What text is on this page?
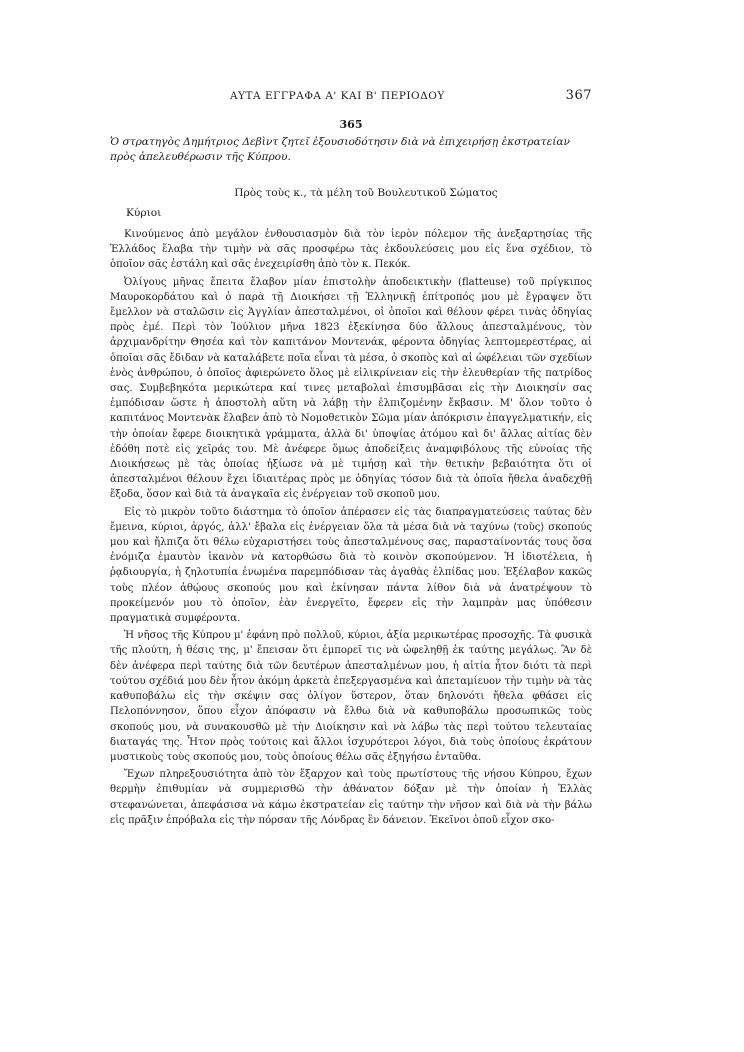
ΑΥΤΑ ΕΓΓΡΑΦΑ Α' ΚΑΙ Β' ΠΕΡΙΟΔΟΥ	367
365

Ὁ στρατηγὸς Δημήτριος Δεβὶντ ζητεῖ ἐξουσιοδότησιν διὰ νὰ ἐπιχειρήσῃ ἐκστρατείαν πρὸς ἀπελευθέρωσιν τῆς Κύπρου.

Πρὸς τοὺς κ., τὰ μέλη τοῦ Βουλευτικοῦ Σώματος
Κύριοι

Κινούμενος ἀπὸ μεγάλον ἐνθουσιασμὸν διὰ τὸν ἱερὸν πόλεμον τῆς ἀνεξαρτησίας τῆς Ἑλλάδος ἔλαβα τὴν τιμὴν νὰ σᾶς προσφέρω τὰς ἐκδουλεύσεις μου εἰς ἕνα σχέδιον, τὸ ὁποῖον σᾶς ἐστάλη καὶ σᾶς ἐνεχειρίσθη ἀπὸ τὸν κ. Πεκόκ.

Ὀλίγους μῆνας ἔπειτα ἔλαβον μίαν ἐπιστολὴν ἀποδεικτικὴν (flatteuse) τοῦ πρίγκιπος Μαυροκορδάτου καὶ ὁ παρὰ τῇ Διοικήσει τῇ Ἑλληνικῇ ἐπίτροπός μου μὲ ἔγραψεν ὅτι ἔμελλον νὰ σταλῶσιν εἰς Ἀγγλίαν ἀπεσταλμένοι, οἱ ὁποῖοι καὶ θέλουν φέρει τινὰς ὁδηγίας πρὸς ἐμέ. Περὶ τὸν Ἰούλιον μῆνα 1823 ἐξεκίνησα δύο ἄλλους ἀπεσταλμένους, τὸν ἀρχιμανδρίτην Θησέα καὶ τὸν καπιτάνον Μοντενάκ, φέροντα ὁδηγίας λεπτομερεστέρας, αἱ ὁποῖαι σᾶς ἔδιδαν νὰ καταλάβετε ποῖα εἶναι τὰ μέσα, ὁ σκοπὸς καὶ αἱ ὠφέλειαι τῶν σχεδίων ἑνὸς ἀνθρώπου, ὁ ὁποῖος ἀφιερώνετο ὅλος μὲ εἰλικρίνειαν εἰς τὴν ἐλευθερίαν τῆς πατρίδος σας. Συμβεβηκότα μερικώτερα καί τινες μεταβολαὶ ἐπισυμβᾶσαι εἰς τὴν Διοικησίν σας ἐμπόδισαν ὥστε ἡ ἀποστολὴ αὕτη νὰ λάβῃ τὴν ἐλπιζομένην ἔκβασιν. Μ' ὅλον τοῦτο ὁ καπιτάνος Μοντενὰκ ἔλαβεν ἀπὸ τὸ Νομοθετικὸν Σῶμα μίαν ἀπόκρισιν ἐπαγγελματικήν, εἰς τὴν ὁποίαν ἔφερε διοικητικὰ γράμματα, ἀλλὰ δι' ὑποψίας ἀτόμου καὶ δι' ἄλλας αἰτίας δὲν ἐδόθη ποτὲ εἰς χεῖράς του. Μὲ ἀνέφερε ὅμως ἀποδείξεις ἀναμφιβόλους τῆς εὐνοίας τῆς Διοικήσεως μὲ τὰς ὁποίας ἠξίωσε νὰ μὲ τιμήσῃ καὶ τὴν θετικὴν βεβαιότητα ὅτι οἱ ἀπεσταλμένοι θέλουν ἔχει ἰδιαιτέρας πρὸς με ὁδηγίας τόσον διὰ τὰ ὁποῖα ἤθελα ἀναδεχθῇ ἔξοδα, ὅσον καὶ διὰ τὰ ἀναγκαῖα εἰς ἐνέργειαν τοῦ σκοποῦ μου.

Εἰς τὸ μικρὸν τοῦτο διάστημα τὸ ὁποῖον ἀπέρασεν εἰς τὰς διαπραγματεύσεις ταύτας δὲν ἔμεινα, κύριοι, ἀργός, ἀλλ' ἔβαλα εἰς ἐνέργειαν ὅλα τὰ μέσα διὰ νὰ ταχύνω ⟨τοὺς⟩ σκοπούς μου καὶ ἤλπιζα ὅτι θέλω εὐχαριστήσει τοὺς ἀπεσταλμένους σας, παρασταίνοντάς τους ὅσα ἐνόμιζα ἐμαυτὸν ἱκανὸν νὰ κατορθώσω διὰ τὸ κοινὸν σκοπούμενον. Ἡ ἰδιοτέλεια, ἡ ῥᾳδιουργία, ἡ ζηλοτυπία ἐνωμένα παρεμπόδισαν τὰς ἀγαθὰς ἐλπίδας μου. Ἐξέλαβον κακῶς τοὺς πλέον ἀθῴους σκοπούς μου καὶ ἐκίνησαν πάντα λίθον διὰ νὰ ἀνατρέψουν τὸ προκείμενόν μου τὸ ὁποῖον, ἐὰν ἐνεργεῖτο, ἔφερεν εἰς τὴν λαμπρὰν μας ὑπόθεσιν πραγματικὰ συμφέροντα.

Ἡ νῆσος τῆς Κύπρου μ' ἐφάνη πρὸ πολλοῦ, κύριοι, ἀξία μερικωτέρας προσοχῆς. Τὰ φυσικὰ τῆς πλούτη, ἡ θέσις της, μ' ἔπεισαν ὅτι ἐμπορεῖ τις νὰ ὠφεληθῇ ἐκ ταύτης μεγάλως. Ἂν δὲ δὲν ἀνέφερα περὶ ταύτης διὰ τῶν δευτέρων ἀπεσταλμένων μου, ἡ αἰτία ἦτον διότι τὰ περὶ τούτου σχέδιά μου δὲν ἦτον ἀκόμη ἀρκετὰ ἐπεξεργασμένα καὶ ἀπεταμίευον τὴν τιμὴν νὰ τὰς καθυποβάλω εἰς τὴν σκέψιν σας ὀλίγον ὕστερον, ὅταν δηλονότι ἤθελα φθάσει εἰς Πελοπόννησον, ὅπου εἶχον ἀπόφασιν νὰ ἔλθω διὰ νὰ καθυποβάλω προσωπικῶς τοὺς σκοπούς μου, νὰ συνακουσθῶ μὲ τὴν Διοίκησιν καὶ νὰ λάβω τὰς περὶ τούτου τελευταίας διαταγάς της. Ἦτον πρὸς τούτοις καὶ ἄλλοι ἰσχυρότεροι λόγοι, διὰ τοὺς ὁποίους ἐκράτουν μυστικοὺς τοὺς σκοπούς μου, τοὺς ὁποίους θέλω σᾶς ἐξηγήσω ἐνταῦθα.

Ἔχων πληρεξουσιότητα ἀπὸ τὸν ἔξαρχον καὶ τοὺς πρωτίστους τῆς νήσου Κύπρου, ἔχων θερμὴν ἐπιθυμίαν νὰ συμμερισθῶ τὴν ἀθάνατον δόξαν μὲ τὴν ὁποίαν ἡ Ἑλλὰς στεφανώνεται, ἀπεφάσισα νὰ κάμω ἐκστρατείαν εἰς ταύτην τὴν νῆσον καὶ διὰ νὰ τὴν βάλω εἰς πρᾶξιν ἐπρόβαλα εἰς τὴν πόρσαν τῆς Λόνδρας ἓν δάνειον. Ἐκεῖνοι ὁποῦ εἶχον σκο-
